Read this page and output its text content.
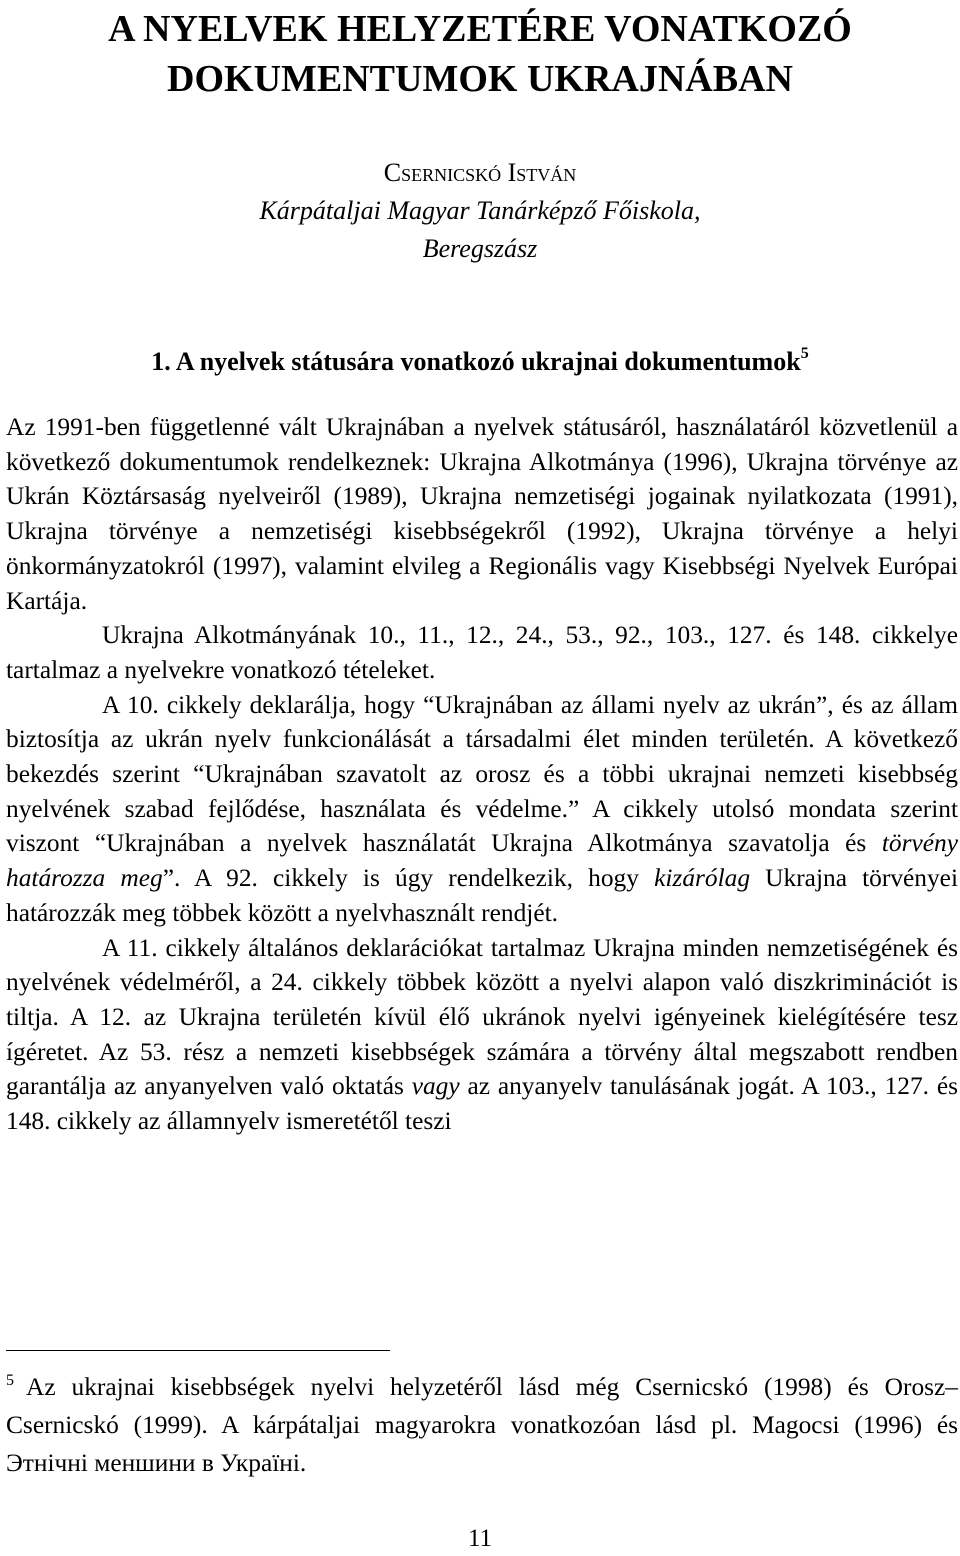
A NYELVEK HELYZETÉRE VONATKOZÓ
DOKUMENTUMOK UKRAJNÁBAN
Csernicskó István
Kárpátaljai Magyar Tanárképző Főiskola,
Beregszász
1. A nyelvek státusára vonatkozó ukrajnai dokumentumok$^5$

Az 1991-ben függetlenné vált Ukrajnában a nyelvek státusáról, használatáról közvetlenül a következő dokumentumok rendelkeznek: Ukrajna Alkotmánya (1996), Ukrajna törvénye az Ukrán Köztársaság nyelveiről (1989), Ukrajna nemzetiségi jogainak nyilatkozata (1991), Ukrajna törvénye a nemzetiségi kisebbségekről (1992), Ukrajna törvénye a helyi önkormányzatokról (1997), valamint elvileg a Regionális vagy Kisebbségi Nyelvek Európai Kartája.

Ukrajna Alkotmányának 10., 11., 12., 24., 53., 92., 103., 127. és 148. cikkelye tartalmaz a nyelvekre vonatkozó tételeket.

A 10. cikkely deklarálja, hogy “Ukrajnában az állami nyelv az ukrán”, és az állam biztosítja az ukrán nyelv funkcionálását a társadalmi élet minden területén. A következő bekezdés szerint “Ukrajnában szavatolt az orosz és a többi ukrajnai nemzeti kisebbség nyelvének szabad fejlődése, használata és védelme.” A cikkely utolsó mondata szerint viszont “Ukrajnában a nyelvek használatát Ukrajna Alkotmánya szavatolja és törvény határozza meg”. A 92. cikkely is úgy rendelkezik, hogy kizárólag Ukrajna törvényei határozzák meg többek között a nyelvhasznált rendjét.

A 11. cikkely általános deklarációkat tartalmaz Ukrajna minden nemzetiségének és nyelvének védelméről, a 24. cikkely többek között a nyelvi alapon való diszkriminációt is tiltja. A 12. az Ukrajna területén kívül élő ukránok nyelvi igényeinek kielégítésére tesz ígéretet. Az 53. rész a nemzeti kisebbségek számára a törvény által megszabott rendben garantálja az anyanyelven való oktatás vagy az anyanyelv tanulásának jogát. A 103., 127. és 148. cikkely az államnyelv ismeretétől teszi

$^5$ Az ukrajnai kisebbségek nyelvi helyzetéről lásd még Csernicskó (1998) és Orosz–Csernicskó (1999). A kárpátaljai magyarokra vonatkozóan lásd pl. Magocsi (1996) és Этнічні меншини в Україні.
11
